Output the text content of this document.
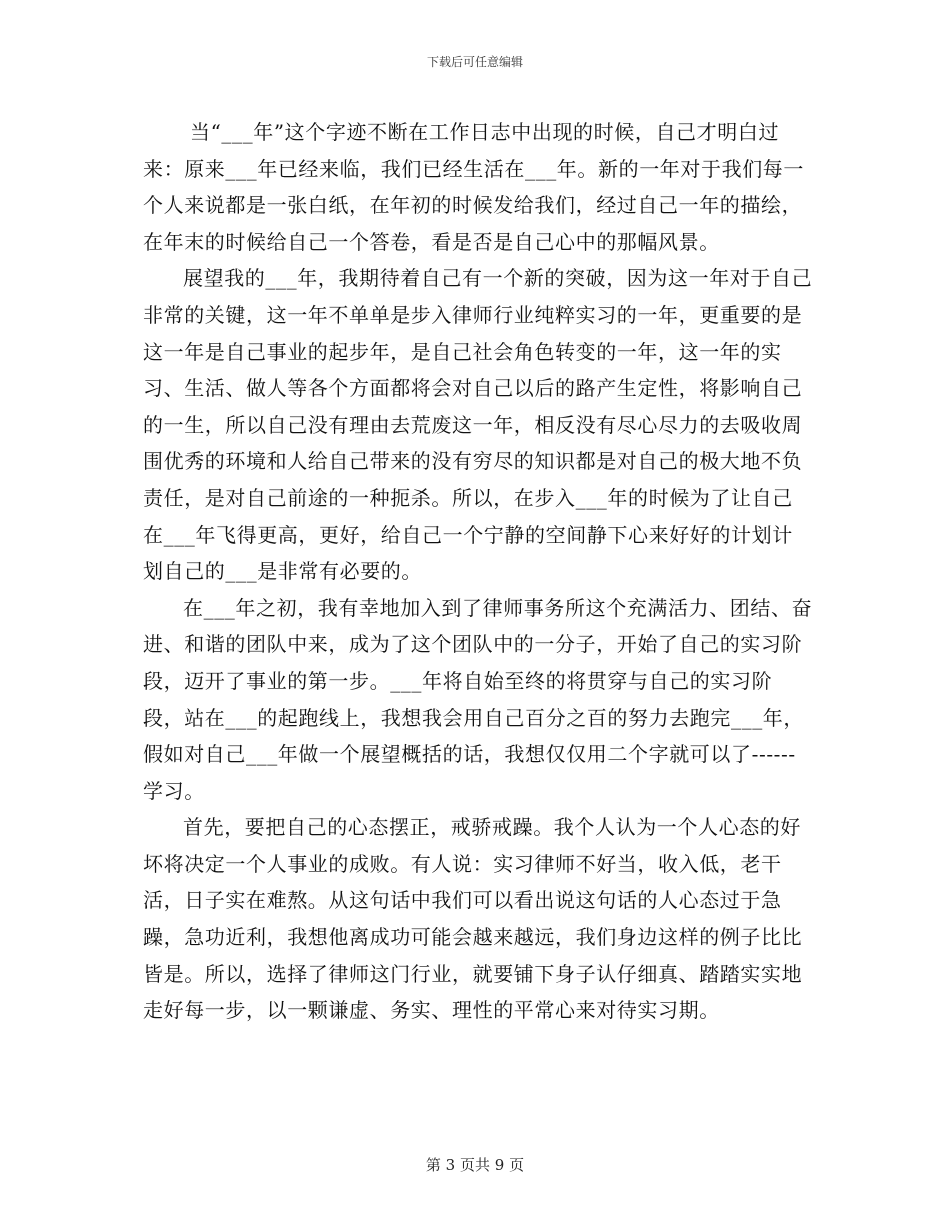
下载后可任意编辑

当“___年”这个字迹不断在工作日志中出现的时候，自己才明白过来：原来___年已经来临，我们已经生活在___年。新的一年对于我们每一个人来说都是一张白纸，在年初的时候发给我们，经过自己一年的描绘，在年末的时候给自己一个答卷，看是否是自己心中的那幅风景。

展望我的___年，我期待着自己有一个新的突破，因为这一年对于自己非常的关键，这一年不单单是步入律师行业纯粹实习的一年，更重要的是这一年是自己事业的起步年，是自己社会角色转变的一年，这一年的实习、生活、做人等各个方面都将会对自己以后的路产生定性，将影响自己的一生，所以自己没有理由去荒废这一年，相反没有尽心尽力的去吸收周围优秀的环境和人给自己带来的没有穷尽的知识都是对自己的极大地不负责任，是对自己前途的一种扼杀。所以，在步入___年的时候为了让自己在___年飞得更高，更好，给自己一个宁静的空间静下心来好好的计划计划自己的___是非常有必要的。

在___年之初，我有幸地加入到了律师事务所这个充满活力、团结、奋进、和谐的团队中来，成为了这个团队中的一分子，开始了自己的实习阶段，迈开了事业的第一步。___年将自始至终的将贯穿与自己的实习阶段，站在___的起跑线上，我想我会用自己百分之百的努力去跑完___年，假如对自己___年做一个展望概括的话，我想仅仅用二个字就可以了------学习。

首先，要把自己的心态摆正，戒骄戒躁。我个人认为一个人心态的好坏将决定一个人事业的成败。有人说：实习律师不好当，收入低，老干活，日子实在难熬。从这句话中我们可以看出说这句话的人心态过于急躁，急功近利，我想他离成功可能会越来越远，我们身边这样的例子比比皆是。所以，选择了律师这门行业，就要铺下身子认仔细真、踏踏实实地走好每一步，以一颗谦虚、务实、理性的平常心来对待实习期。

第 3 页共 9 页
